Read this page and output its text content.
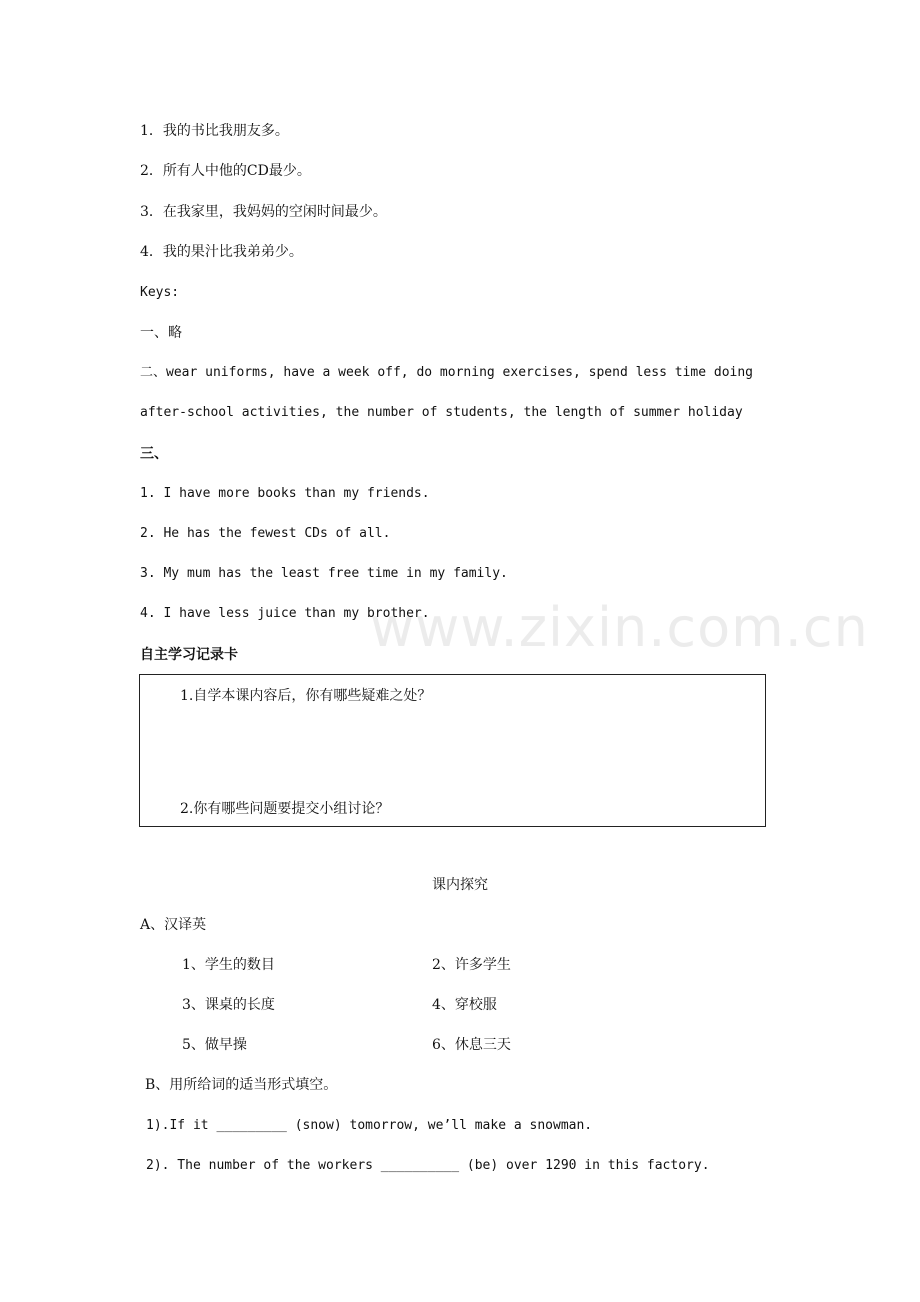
www.zixin.com.cn
1．我的书比我朋友多。
2．所有人中他的CD最少。
3．在我家里，我妈妈的空闲时间最少。
4．我的果汁比我弟弟少。
Keys:
一、略
二、wear uniforms, have a week off, do morning exercises, spend less time doing
after-school activities, the number of students, the length of summer holiday
三、
1. I have more books than my friends.
2. He has the fewest CDs of all.
3. My mum has the least free time in my family.
4. I have less juice than my brother.
自主学习记录卡
1.自学本课内容后，你有哪些疑难之处？
2.你有哪些问题要提交小组讨论？
课内探究
A、汉译英
1、学生的数目	2、许多学生
3、课桌的长度	4、穿校服
5、做早操	6、休息三天
B、用所给词的适当形式填空。
1).If it _________ (snow) tomorrow, we’ll make a snowman.
2). The number of the workers __________ (be) over 1290 in this factory.
